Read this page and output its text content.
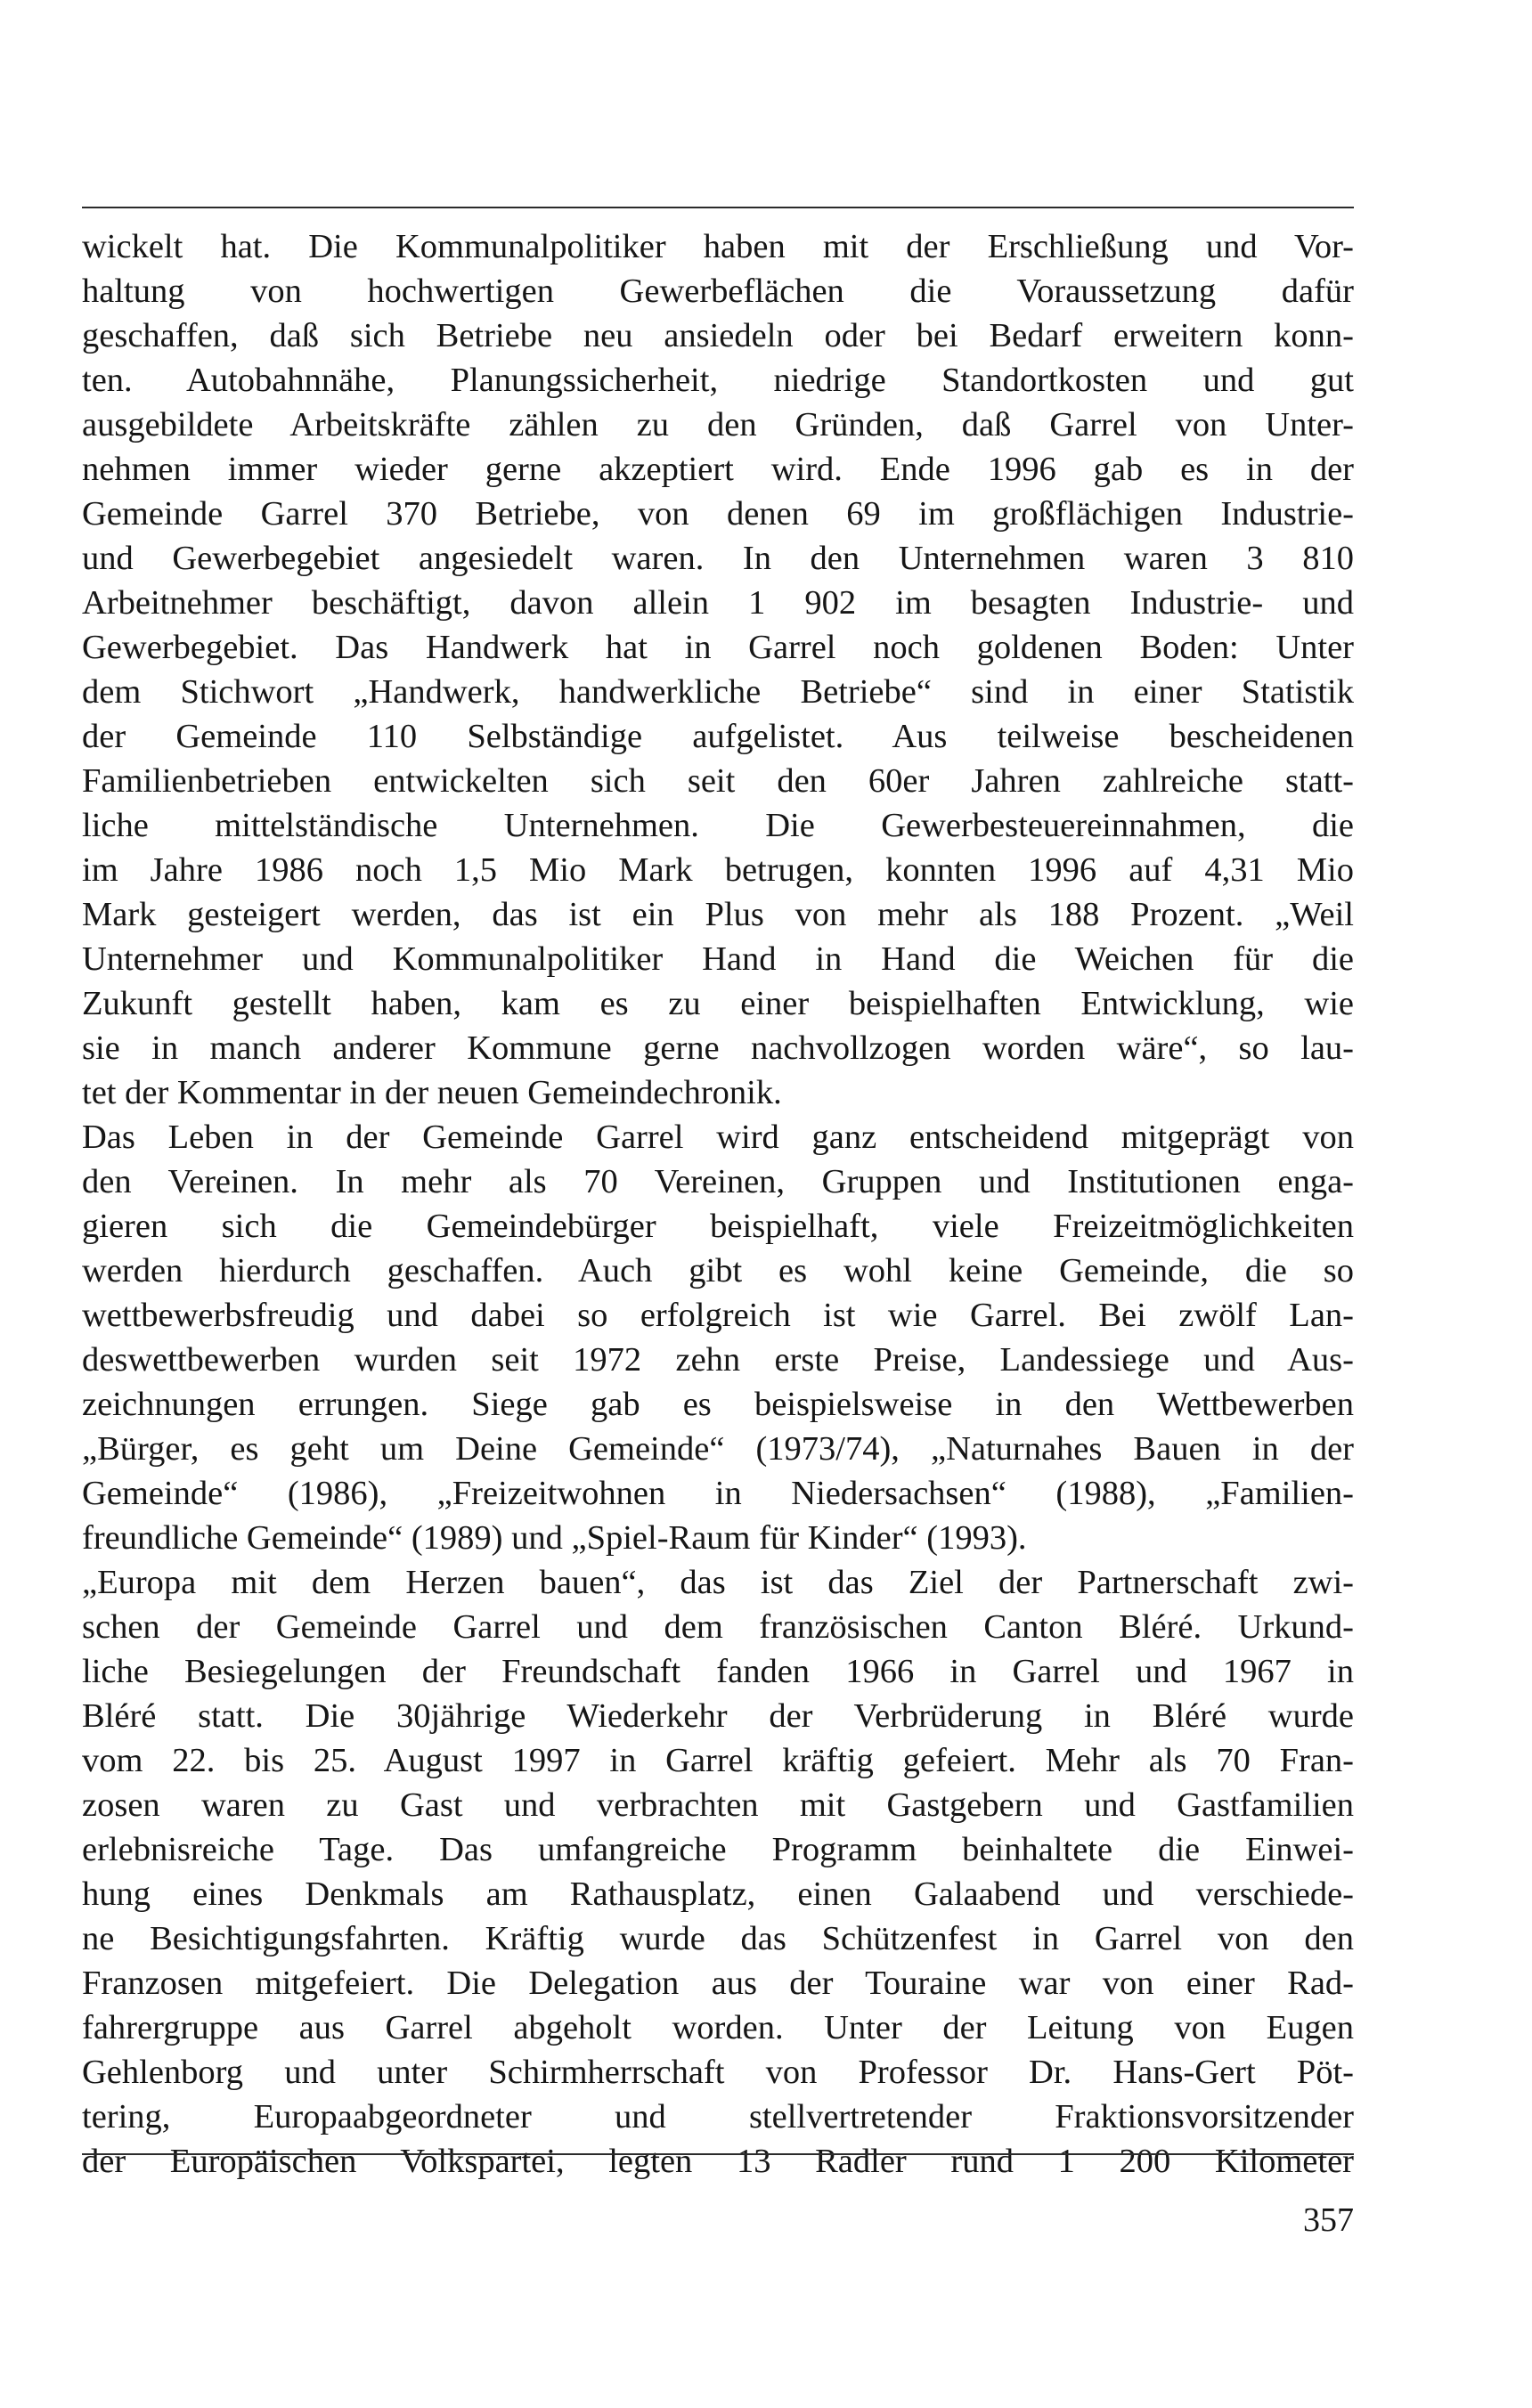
wickelt hat. Die Kommunalpolitiker haben mit der Erschließung und Vor-
haltung von hochwertigen Gewerbeflächen die Voraussetzung dafür
geschaffen, daß sich Betriebe neu ansiedeln oder bei Bedarf erweitern konn-
ten. Autobahnnähe, Planungssicherheit, niedrige Standortkosten und gut
ausgebildete Arbeitskräfte zählen zu den Gründen, daß Garrel von Unter-
nehmen immer wieder gerne akzeptiert wird. Ende 1996 gab es in der
Gemeinde Garrel 370 Betriebe, von denen 69 im großflächigen Industrie-
und Gewerbegebiet angesiedelt waren. In den Unternehmen waren 3 810
Arbeitnehmer beschäftigt, davon allein 1 902 im besagten Industrie- und
Gewerbegebiet. Das Handwerk hat in Garrel noch goldenen Boden: Unter
dem Stichwort „Handwerk, handwerkliche Betriebe“ sind in einer Statistik
der Gemeinde 110 Selbständige aufgelistet. Aus teilweise bescheidenen
Familienbetrieben entwickelten sich seit den 60er Jahren zahlreiche statt-
liche mittelständische Unternehmen. Die Gewerbesteuereinnahmen, die
im Jahre 1986 noch 1,5 Mio Mark betrugen, konnten 1996 auf 4,31 Mio
Mark gesteigert werden, das ist ein Plus von mehr als 188 Prozent. „Weil
Unternehmer und Kommunalpolitiker Hand in Hand die Weichen für die
Zukunft gestellt haben, kam es zu einer beispielhaften Entwicklung, wie
sie in manch anderer Kommune gerne nachvollzogen worden wäre“, so lau-
tet der Kommentar in der neuen Gemeindechronik.
Das Leben in der Gemeinde Garrel wird ganz entscheidend mitgeprägt von
den Vereinen. In mehr als 70 Vereinen, Gruppen und Institutionen enga-
gieren sich die Gemeindebürger beispielhaft, viele Freizeitmöglichkeiten
werden hierdurch geschaffen. Auch gibt es wohl keine Gemeinde, die so
wettbewerbsfreudig und dabei so erfolgreich ist wie Garrel. Bei zwölf Lan-
deswettbewerben wurden seit 1972 zehn erste Preise, Landessiege und Aus-
zeichnungen errungen. Siege gab es beispielsweise in den Wettbewerben
„Bürger, es geht um Deine Gemeinde“ (1973/74), „Naturnahes Bauen in der
Gemeinde“ (1986), „Freizeitwohnen in Niedersachsen“ (1988), „Familien-
freundliche Gemeinde“ (1989) und „Spiel-Raum für Kinder“ (1993).
„Europa mit dem Herzen bauen“, das ist das Ziel der Partnerschaft zwi-
schen der Gemeinde Garrel und dem französischen Canton Bléré. Urkund-
liche Besiegelungen der Freundschaft fanden 1966 in Garrel und 1967 in
Bléré statt. Die 30jährige Wiederkehr der Verbrüderung in Bléré wurde
vom 22. bis 25. August 1997 in Garrel kräftig gefeiert. Mehr als 70 Fran-
zosen waren zu Gast und verbrachten mit Gastgebern und Gastfamilien
erlebnisreiche Tage. Das umfangreiche Programm beinhaltete die Einwei-
hung eines Denkmals am Rathausplatz, einen Galaabend und verschiede-
ne Besichtigungsfahrten. Kräftig wurde das Schützenfest in Garrel von den
Franzosen mitgefeiert. Die Delegation aus der Touraine war von einer Rad-
fahrergruppe aus Garrel abgeholt worden. Unter der Leitung von Eugen
Gehlenborg und unter Schirmherrschaft von Professor Dr. Hans-Gert Pöt-
tering, Europaabgeordneter und stellvertretender Fraktionsvorsitzender
der Europäischen Volkspartei, legten 13 Radler rund 1 200 Kilometer
357
